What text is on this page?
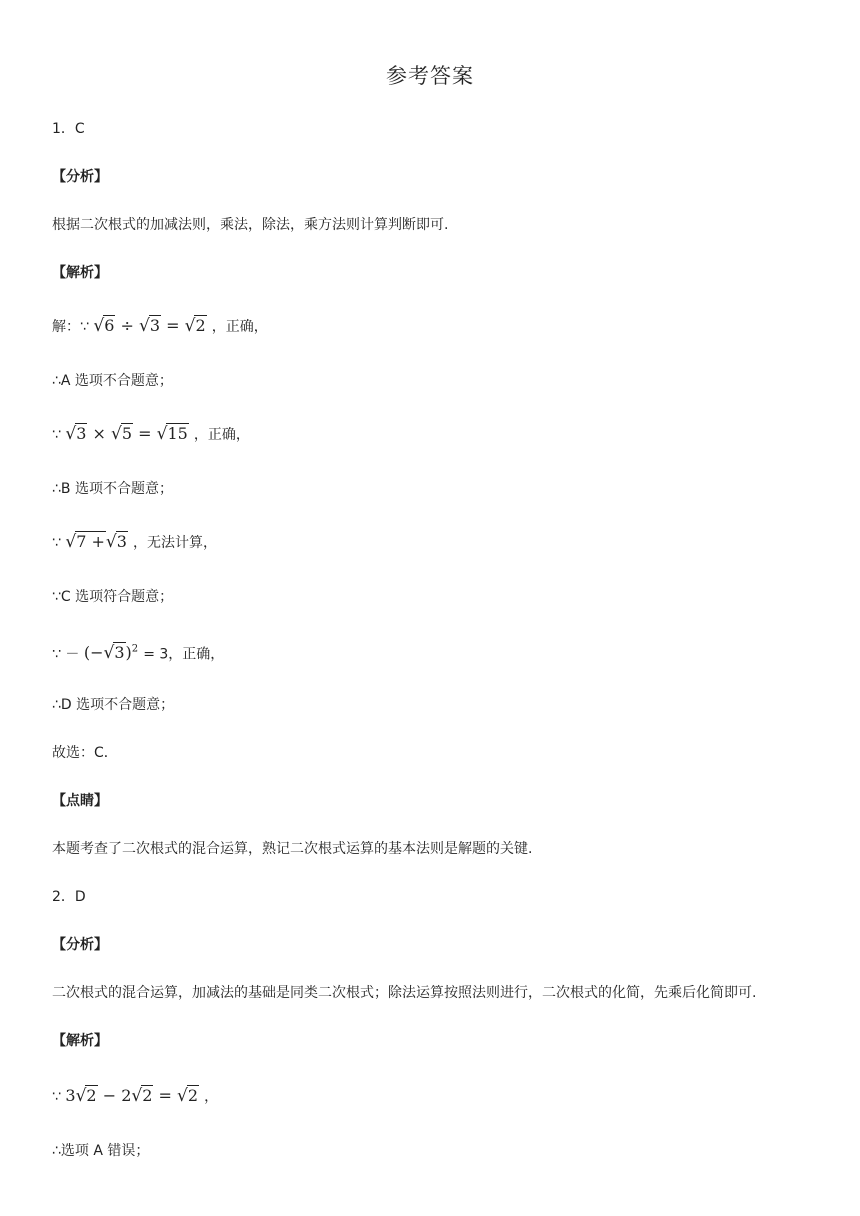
参考答案
1．C
【分析】
根据二次根式的加减法则，乘法，除法，乘方法则计算判断即可.
【解析】
解：∵ √6 ÷ √3 = √2 ，正确，
∴A 选项不合题意；
∵ √3 × √5 = √15 ，正确，
∴B 选项不合题意；
∵ √7 +√3 ，无法计算，
∵C 选项符合题意；
∵ － $(-√3)^2 = 3$，正确，
∴D 选项不合题意；
故选：C．
【点睛】
本题考查了二次根式的混合运算，熟记二次根式运算的基本法则是解题的关键.
2．D
【分析】
二次根式的混合运算，加减法的基础是同类二次根式；除法运算按照法则进行，二次根式的化简，先乘后化简即可.
【解析】
∵ 3√2 − 2√2 = √2 ，
∴选项 A 错误；
